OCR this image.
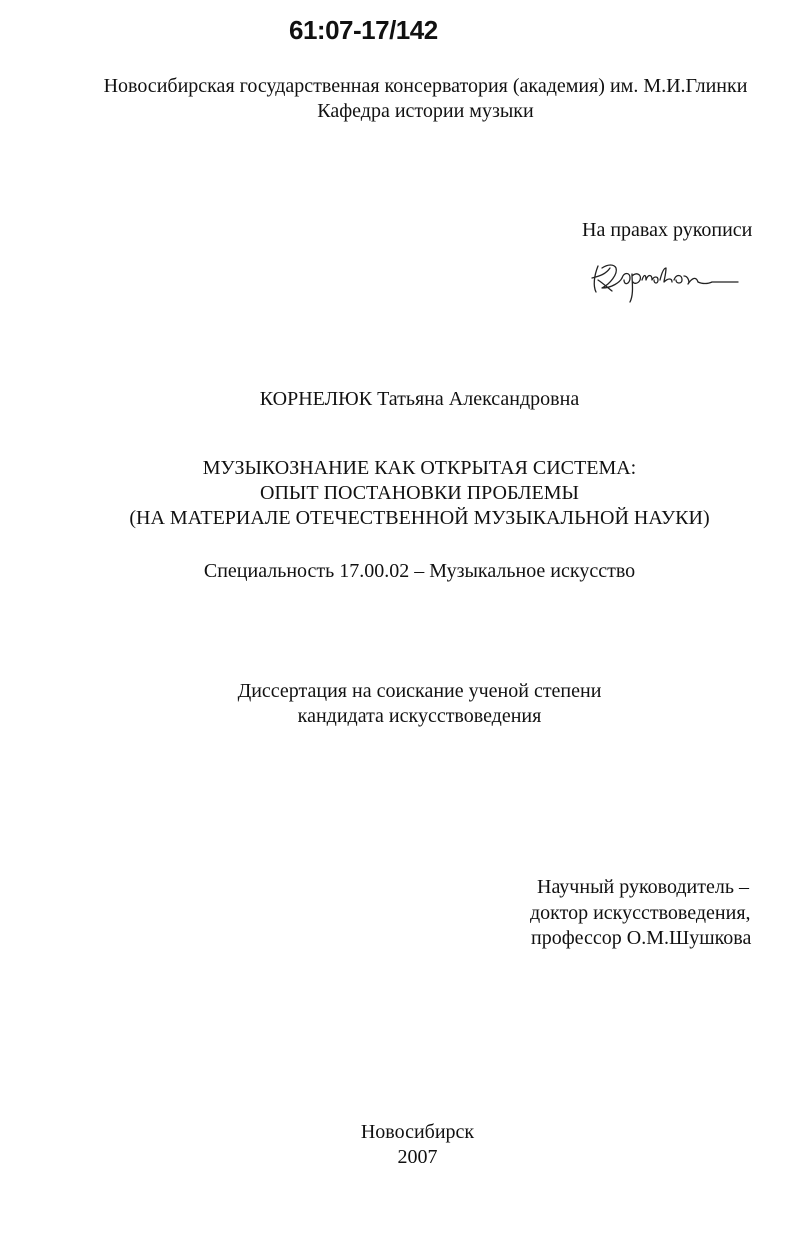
61:07-17/142
Новосибирская государственная консерватория (академия) им. М.И.Глинки
Кафедра истории музыки
На правах рукописи
КОРНЕЛЮК Татьяна Александровна
МУЗЫКОЗНАНИЕ КАК ОТКРЫТАЯ СИСТЕМА:
ОПЫТ ПОСТАНОВКИ ПРОБЛЕМЫ
(НА МАТЕРИАЛЕ ОТЕЧЕСТВЕННОЙ МУЗЫКАЛЬНОЙ НАУКИ)
Специальность 17.00.02 – Музыкальное искусство
Диссертация на соискание ученой степени
кандидата искусствоведения
Научный руководитель –
доктор искусствоведения,
профессор О.М.Шушкова
Новосибирск
2007
